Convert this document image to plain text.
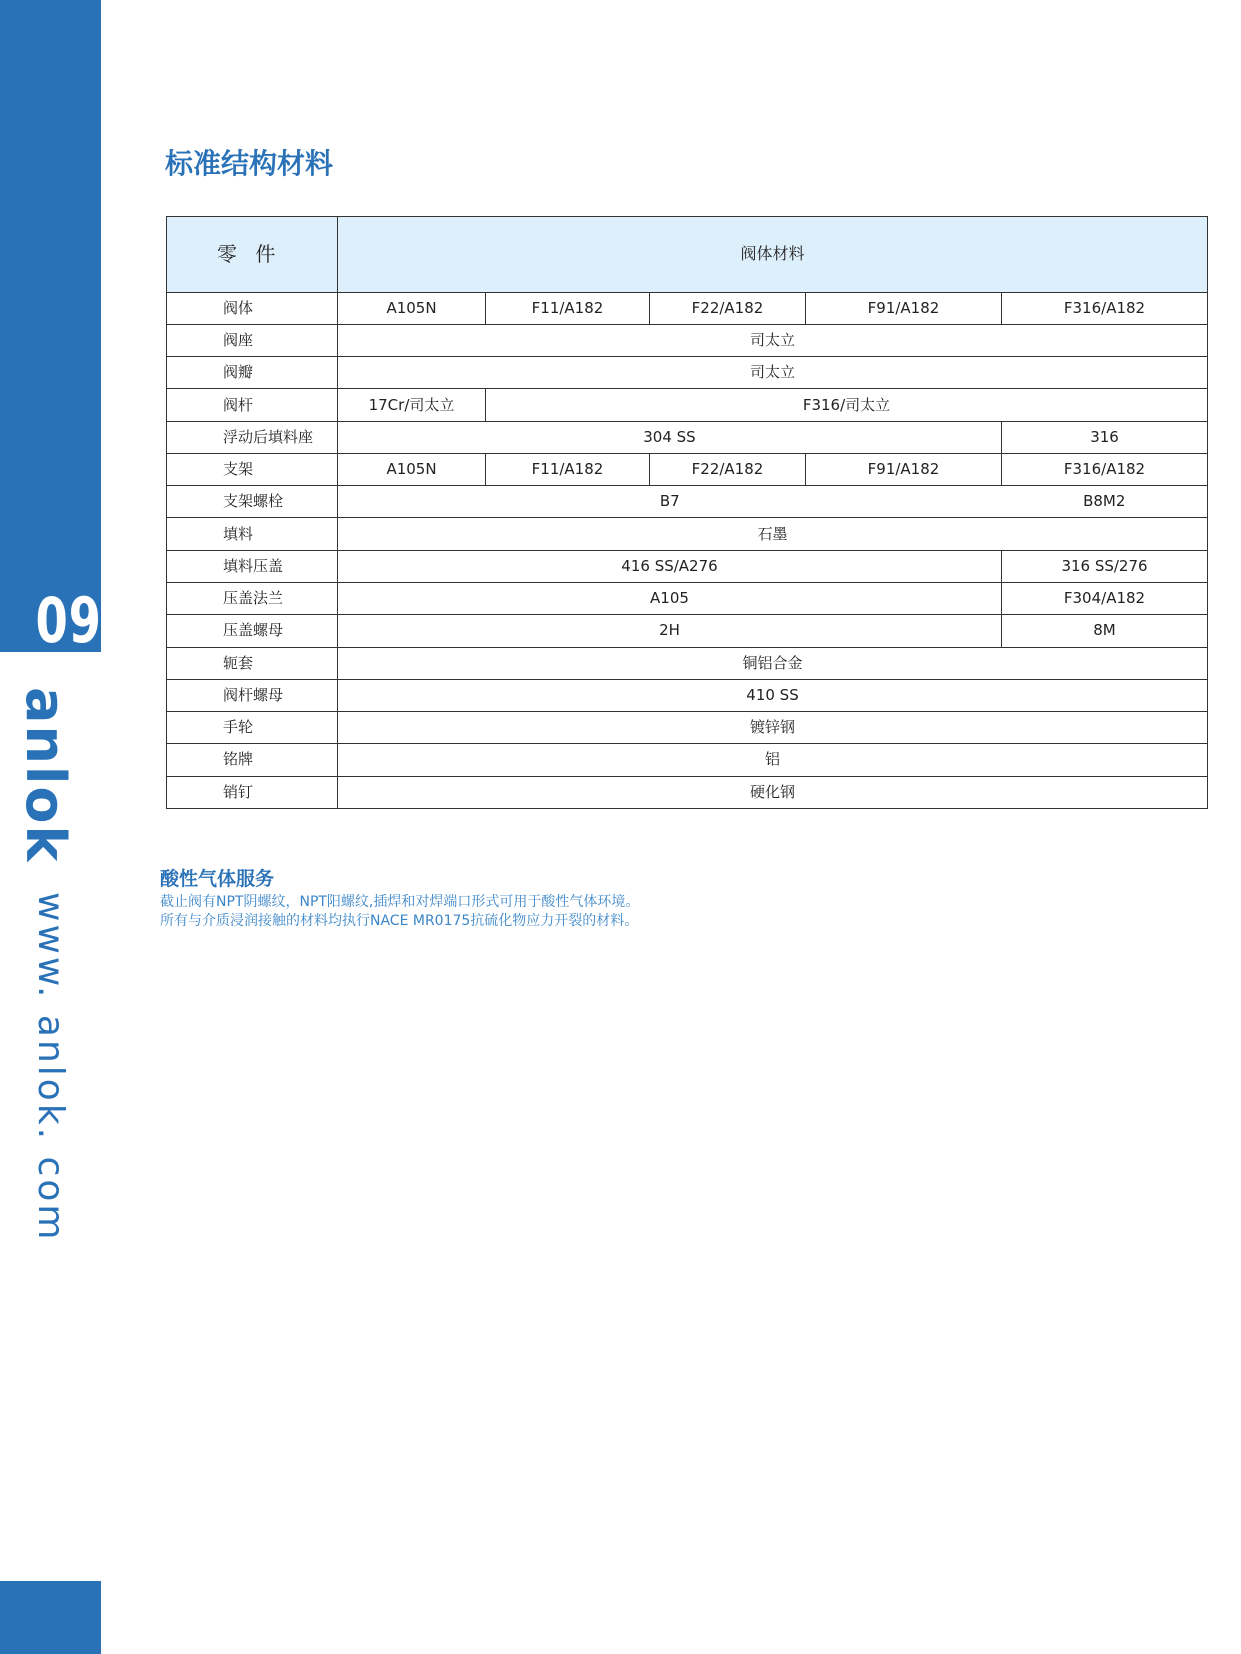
09
anlok
www. anlok. com
标准结构材料
零 件	阀体材料				
阀体	A105N	F11/A182	F22/A182	F91/A182	F316/A182
阀座	司太立				
阀瓣	司太立				
阀杆	17Cr/司太立	F316/司太立			
浮动后填料座	304 SS				316
支架	A105N	F11/A182	F22/A182	F91/A182	F316/A182
支架螺栓	B7				B8M2
填料	石墨				
填料压盖	416 SS/A276				316 SS/276
压盖法兰	A105				F304/A182
压盖螺母	2H				8M
轭套	铜铝合金				
阀杆螺母	410 SS				
手轮	镀锌钢				
铭牌	铝				
销钉	硬化钢				
酸性气体服务
截止阀有NPT阴螺纹，NPT阳螺纹,插焊和对焊端口形式可用于酸性气体环境。
所有与介质浸润接触的材料均执行NACE MR0175抗硫化物应力开裂的材料。
